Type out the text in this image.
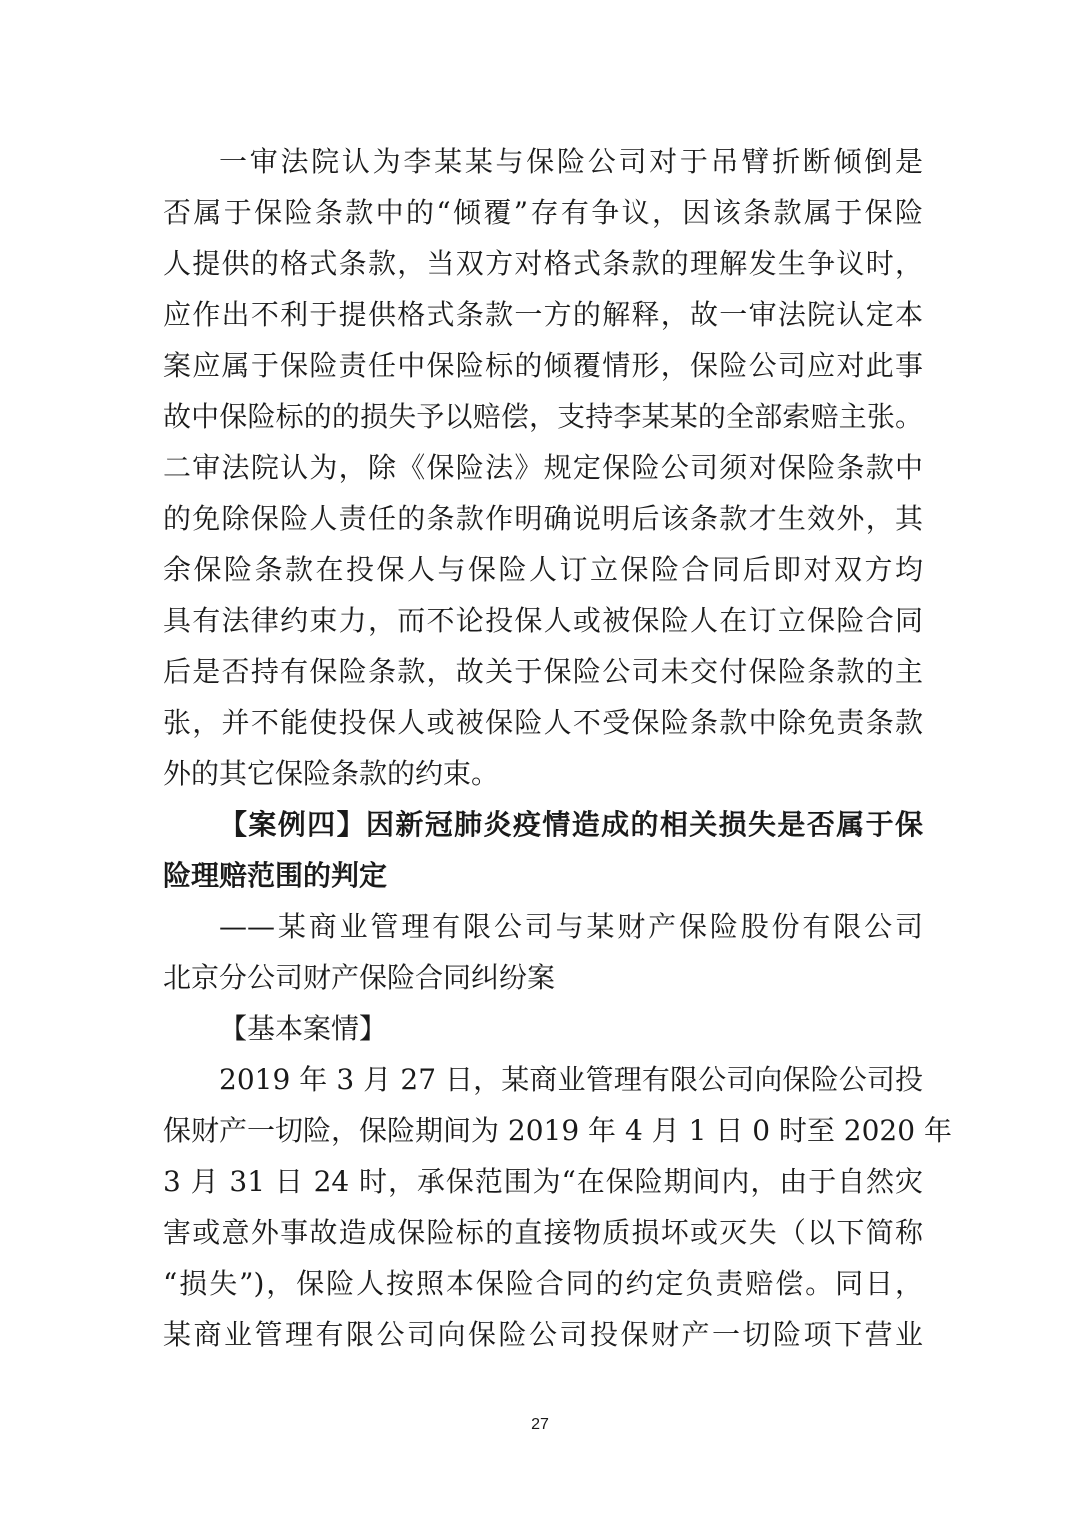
一审法院认为李某某与保险公司对于吊臂折断倾倒是
否属于保险条款中的“倾覆”存有争议，因该条款属于保险
人提供的格式条款，当双方对格式条款的理解发生争议时，
应作出不利于提供格式条款一方的解释，故一审法院认定本
案应属于保险责任中保险标的倾覆情形，保险公司应对此事
故中保险标的的损失予以赔偿，支持李某某的全部索赔主张。
二审法院认为，除《保险法》规定保险公司须对保险条款中
的免除保险人责任的条款作明确说明后该条款才生效外，其
余保险条款在投保人与保险人订立保险合同后即对双方均
具有法律约束力，而不论投保人或被保险人在订立保险合同
后是否持有保险条款，故关于保险公司未交付保险条款的主
张，并不能使投保人或被保险人不受保险条款中除免责条款
外的其它保险条款的约束。
【案例四】因新冠肺炎疫情造成的相关损失是否属于保
险理赔范围的判定
——某商业管理有限公司与某财产保险股份有限公司
北京分公司财产保险合同纠纷案
【基本案情】
2019 年 3 月 27 日，某商业管理有限公司向保险公司投
保财产一切险，保险期间为 2019 年 4 月 1 日 0 时至 2020 年
3 月 31 日 24 时，承保范围为“在保险期间内，由于自然灾
害或意外事故造成保险标的直接物质损坏或灭失（以下简称
“损失”)，保险人按照本保险合同的约定负责赔偿。同日，
某商业管理有限公司向保险公司投保财产一切险项下营业
27
